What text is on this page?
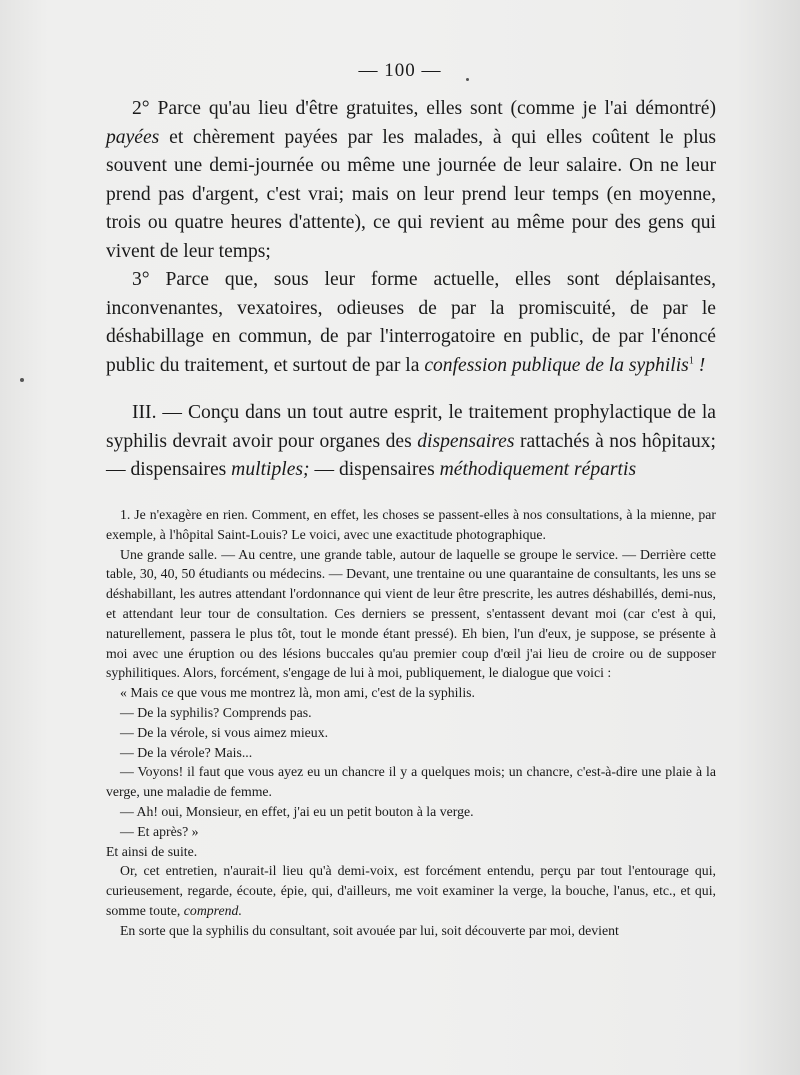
— 100 —

2° Parce qu'au lieu d'être gratuites, elles sont (comme je l'ai démontré) payées et chèrement payées par les malades, à qui elles coûtent le plus souvent une demi-journée ou même une journée de leur salaire. On ne leur prend pas d'argent, c'est vrai; mais on leur prend leur temps (en moyenne, trois ou quatre heures d'attente), ce qui revient au même pour des gens qui vivent de leur temps;

3° Parce que, sous leur forme actuelle, elles sont déplaisantes, inconvenantes, vexatoires, odieuses de par la promiscuité, de par le déshabillage en commun, de par l'interrogatoire en public, de par l'énoncé public du traitement, et surtout de par la confession publique de la syphilis$^1$ !

III. — Conçu dans un tout autre esprit, le traitement prophylactique de la syphilis devrait avoir pour organes des dispensaires rattachés à nos hôpitaux; — dispensaires multiples; — dispensaires méthodiquement répartis

1. Je n'exagère en rien. Comment, en effet, les choses se passent-elles à nos consultations, à la mienne, par exemple, à l'hôpital Saint-Louis? Le voici, avec une exactitude photographique.

Une grande salle. — Au centre, une grande table, autour de laquelle se groupe le service. — Derrière cette table, 30, 40, 50 étudiants ou médecins. — Devant, une trentaine ou une quarantaine de consultants, les uns se déshabillant, les autres attendant l'ordonnance qui vient de leur être prescrite, les autres déshabillés, demi-nus, et attendant leur tour de consultation. Ces derniers se pressent, s'entassent devant moi (car c'est à qui, naturellement, passera le plus tôt, tout le monde étant pressé). Eh bien, l'un d'eux, je suppose, se présente à moi avec une éruption ou des lésions buccales qu'au premier coup d'œil j'ai lieu de croire ou de supposer syphilitiques. Alors, forcément, s'engage de lui à moi, publiquement, le dialogue que voici :

« Mais ce que vous me montrez là, mon ami, c'est de la syphilis.

— De la syphilis? Comprends pas.

— De la vérole, si vous aimez mieux.

— De la vérole? Mais...

— Voyons! il faut que vous ayez eu un chancre il y a quelques mois; un chancre, c'est-à-dire une plaie à la verge, une maladie de femme.

— Ah! oui, Monsieur, en effet, j'ai eu un petit bouton à la verge.

— Et après? »

Et ainsi de suite.

Or, cet entretien, n'aurait-il lieu qu'à demi-voix, est forcément entendu, perçu par tout l'entourage qui, curieusement, regarde, écoute, épie, qui, d'ailleurs, me voit examiner la verge, la bouche, l'anus, etc., et qui, somme toute, comprend.

En sorte que la syphilis du consultant, soit avouée par lui, soit découverte par moi, devient
